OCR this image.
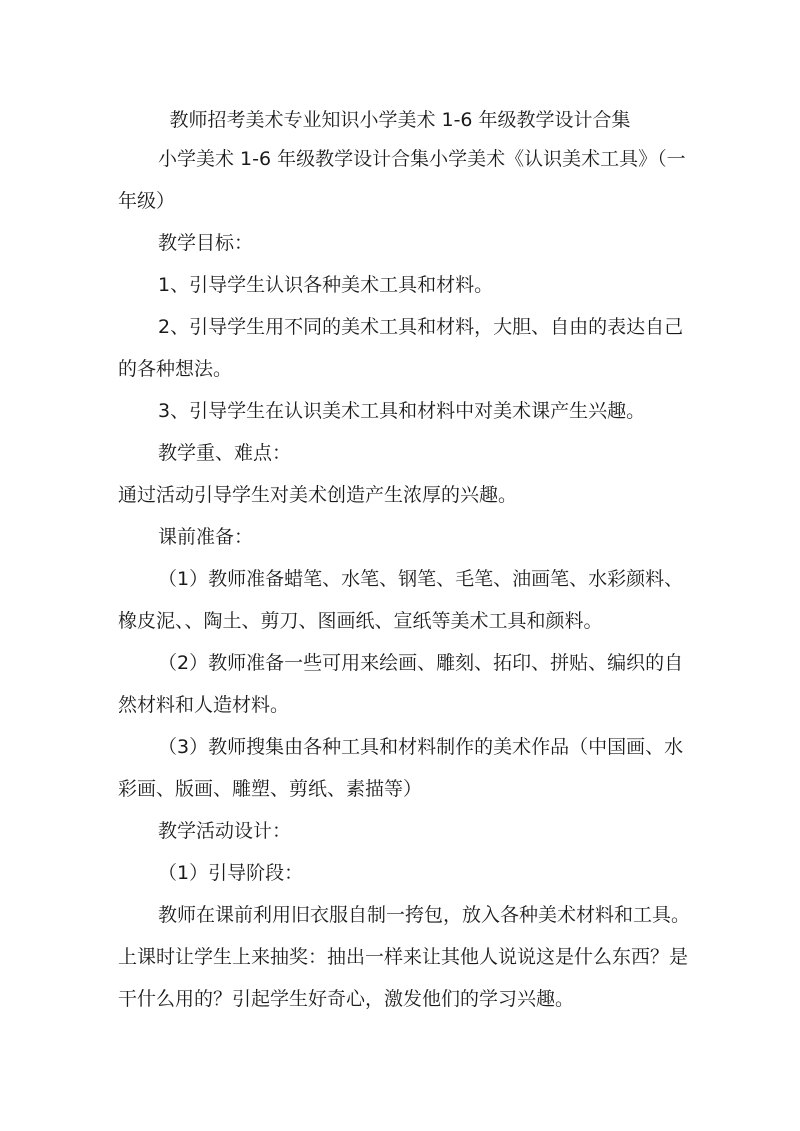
教师招考美术专业知识小学美术 1-6 年级教学设计合集
小学美术 1-6 年级教学设计合集小学美术《认识美术工具》（一
年级）
教学目标：
1、引导学生认识各种美术工具和材料。
2、引导学生用不同的美术工具和材料，大胆、自由的表达自己
的各种想法。
3、引导学生在认识美术工具和材料中对美术课产生兴趣。
教学重、难点：
通过活动引导学生对美术创造产生浓厚的兴趣。
课前准备：
（1）教师准备蜡笔、水笔、钢笔、毛笔、油画笔、水彩颜料、
橡皮泥、、陶土、剪刀、图画纸、宣纸等美术工具和颜料。
（2）教师准备一些可用来绘画、雕刻、拓印、拼贴、编织的自
然材料和人造材料。
（3）教师搜集由各种工具和材料制作的美术作品（中国画、水
彩画、版画、雕塑、剪纸、素描等）
教学活动设计：
（1）引导阶段：
教师在课前利用旧衣服自制一挎包，放入各种美术材料和工具。
上课时让学生上来抽奖：抽出一样来让其他人说说这是什么东西？是
干什么用的？引起学生好奇心，激发他们的学习兴趣。
